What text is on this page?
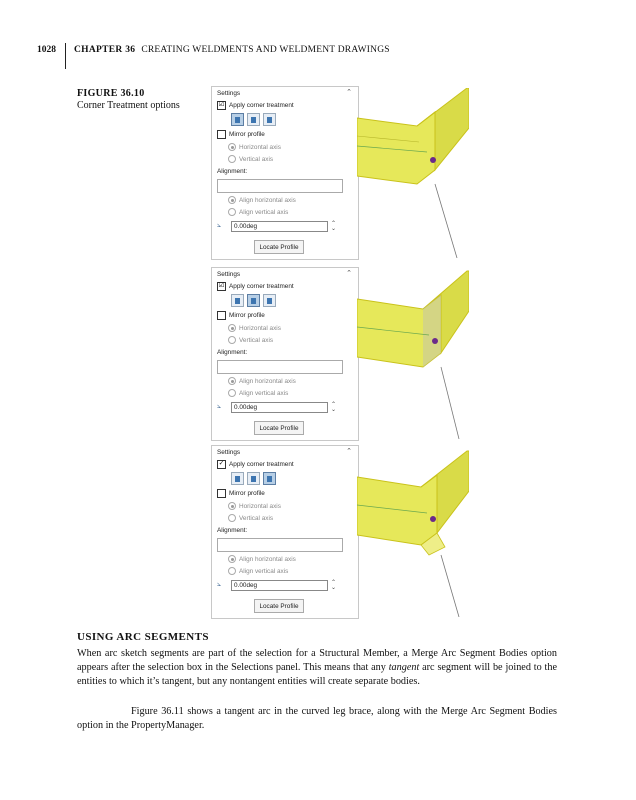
1028 CHAPTER 36 CREATING WELDMENTS AND WELDMENT DRAWINGS
FIGURE 36.10
Corner Treatment options
Settings	⌃
☑ Apply corner treatment
Mirror profile
Horizontal axis
Vertical axis
Alignment:
Align horizontal axis
Align vertical axis
⦣	0.00deg	⌃
⌄
Locate Profile
Settings	⌃
☑ Apply corner treatment
Mirror profile
Horizontal axis
Vertical axis
Alignment:
Align horizontal axis
Align vertical axis
⦣	0.00deg	⌃
⌄
Locate Profile
Settings	⌃
✓ Apply corner treatment
Mirror profile
Horizontal axis
Vertical axis
Alignment:
Align horizontal axis
Align vertical axis
⦣	0.00deg	⌃
⌄
Locate Profile
USING ARC SEGMENTS
When arc sketch segments are part of the selection for a Structural Member, a Merge Arc Segment Bodies option appears after the selection box in the Selections panel. This means that any tangent arc segment will be joined to the entities to which it’s tangent, but any nontangent entities will create separate bodies.
Figure 36.11 shows a tangent arc in the curved leg brace, along with the Merge Arc Segment Bodies option in the PropertyManager.
